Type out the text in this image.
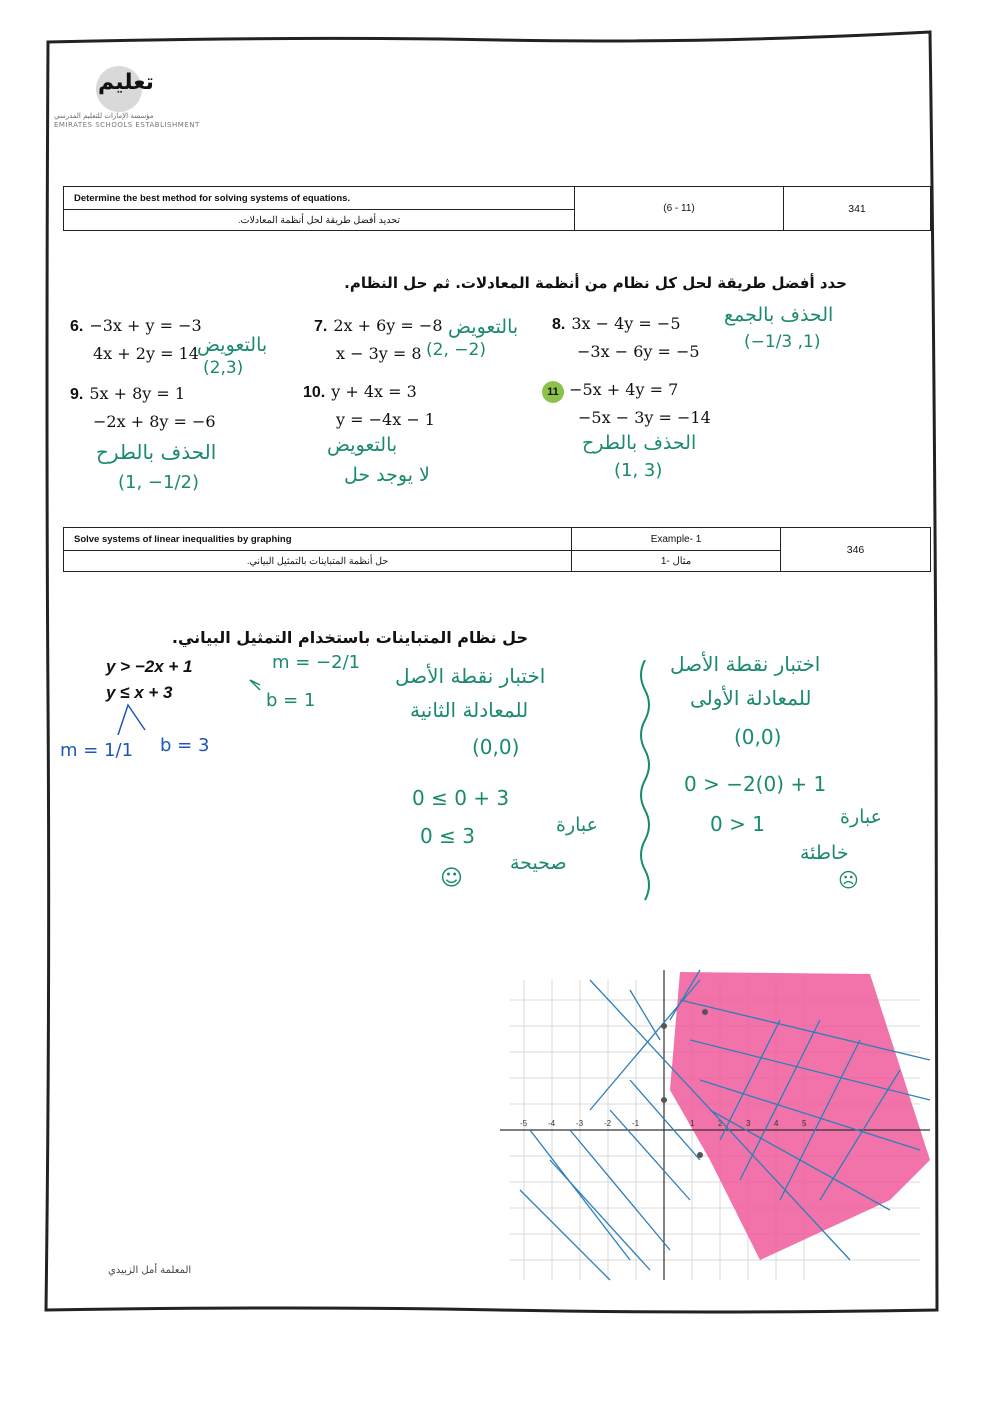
تعليم
مؤسسة الإمارات للتعليم المدرسي
EMIRATES SCHOOLS ESTABLISHMENT
Determine the best method for solving systems of equations.	(6 - 11)	341
تحديد أفضل طريقة لحل أنظمة المعادلات.
حدد أفضل طريقة لحل كل نظام من أنظمة المعادلات. ثم حل النظام.
6. −3x + y = −3
4x + 2y = 14
بالتعويض
(2,3)
7. 2x + 6y = −8
x − 3y = 8
بالتعويض
(2, −2)
8. 3x − 4y = −5
−3x − 6y = −5
الحذف بالجمع
(−1/3 ,1)
9. 5x + 8y = 1
−2x + 8y = −6
الحذف بالطرح
(1, −1/2)
10. y + 4x = 3
y = −4x − 1
بالتعويض
لا يوجد حل
11 −5x + 4y = 7
−5x − 3y = −14
الحذف بالطرح
(1, 3)
Solve systems of linear inequalities by graphing	Example- 1	346
حل أنظمة المتباينات بالتمثيل البياني.	مثال -1	
حل نظام المتباينات باستخدام التمثيل البياني.
y > −2x + 1
y ≤ x + 3
m = −2/1
b = 1
m = 1/1 b = 3
اختبار نقطة الأصل
للمعادلة الأولى
(0,0)
0 > −2(0) + 1
0 > 1	عبارة
خاطئة
☹
اختبار نقطة الأصل
للمعادلة الثانية
(0,0)
0 ≤ 0 + 3
0 ≤ 3	عبارة
صحيحة
☺
-5	-4	-3	-2	-1	1	2	3	4	5
المعلمة أمل الزبيدي
